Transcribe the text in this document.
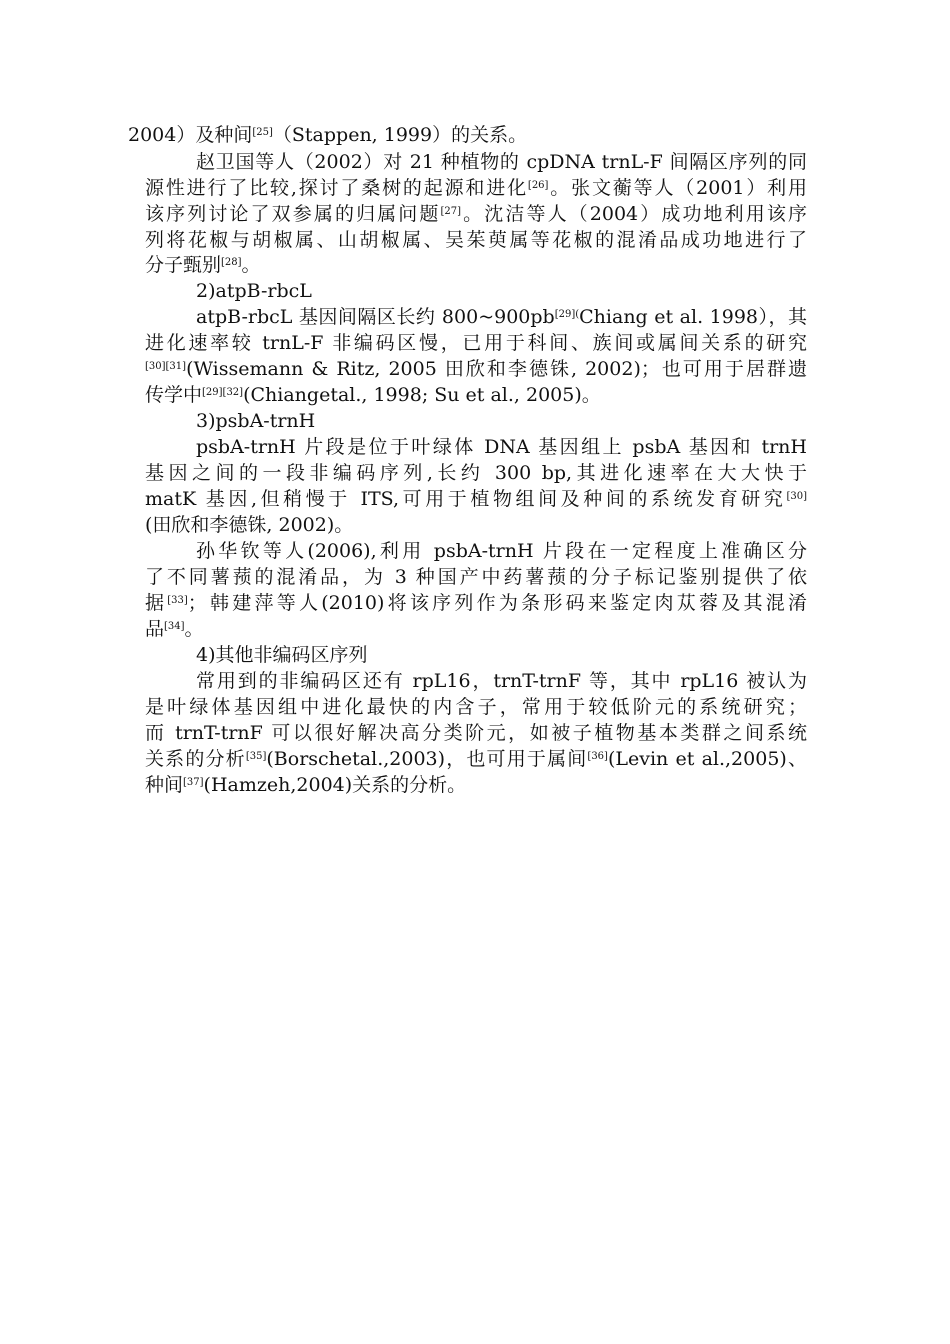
2004）及种间[25]（Stappen, 1999）的关系。
赵卫国等人（2002）对 21 种植物的 cpDNA trnL-F 间隔区序列的同
源性进行了比较,探讨了桑树的起源和进化[26]。张文蘅等人（2001）利用
该序列讨论了双参属的归属问题[27]。沈洁等人（2004）成功地利用该序
列将花椒与胡椒属、山胡椒属、吴茱萸属等花椒的混淆品成功地进行了
分子甄别[28]。
2)atpB-rbcL
atpB-rbcL 基因间隔区长约 $800\sim 900pb^{[29](}Chiang$ et al. 1998），其
进化速率较 trnL-F 非编码区慢，已用于科间、族间或属间关系的研究
[30][31](Wissemann & Ritz, 2005 田欣和李德铢, 2002)；也可用于居群遗
传学中[29][32](Chiangetal., 1998; Su et al., 2005)。
3)psbA-trnH
psbA-trnH 片段是位于叶绿体 DNA 基因组上 psbA 基因和 trnH
基因之间的一段非编码序列,长约 300 bp,其进化速率在大大快于
matK 基因,但稍慢于 ITS,可用于植物组间及种间的系统发育研究[30]
(田欣和李德铢, 2002)。
孙华钦等人(2006),利用 psbA-trnH 片段在一定程度上准确区分
了不同薯蓣的混淆品，为 3 种国产中药薯蓣的分子标记鉴别提供了依
据[33]；韩建萍等人(2010)将该序列作为条形码来鉴定肉苁蓉及其混淆
品[34]。
4)其他非编码区序列
常用到的非编码区还有 rpL16，trnT-trnF 等，其中 rpL16 被认为
是叶绿体基因组中进化最快的内含子，常用于较低阶元的系统研究；
而 trnT-trnF 可以很好解决高分类阶元，如被子植物基本类群之间系统
关系的分析[35](Borschetal.,2003)，也可用于属间[36](Levin et al.,2005)、
种间[37](Hamzeh,2004)关系的分析。
